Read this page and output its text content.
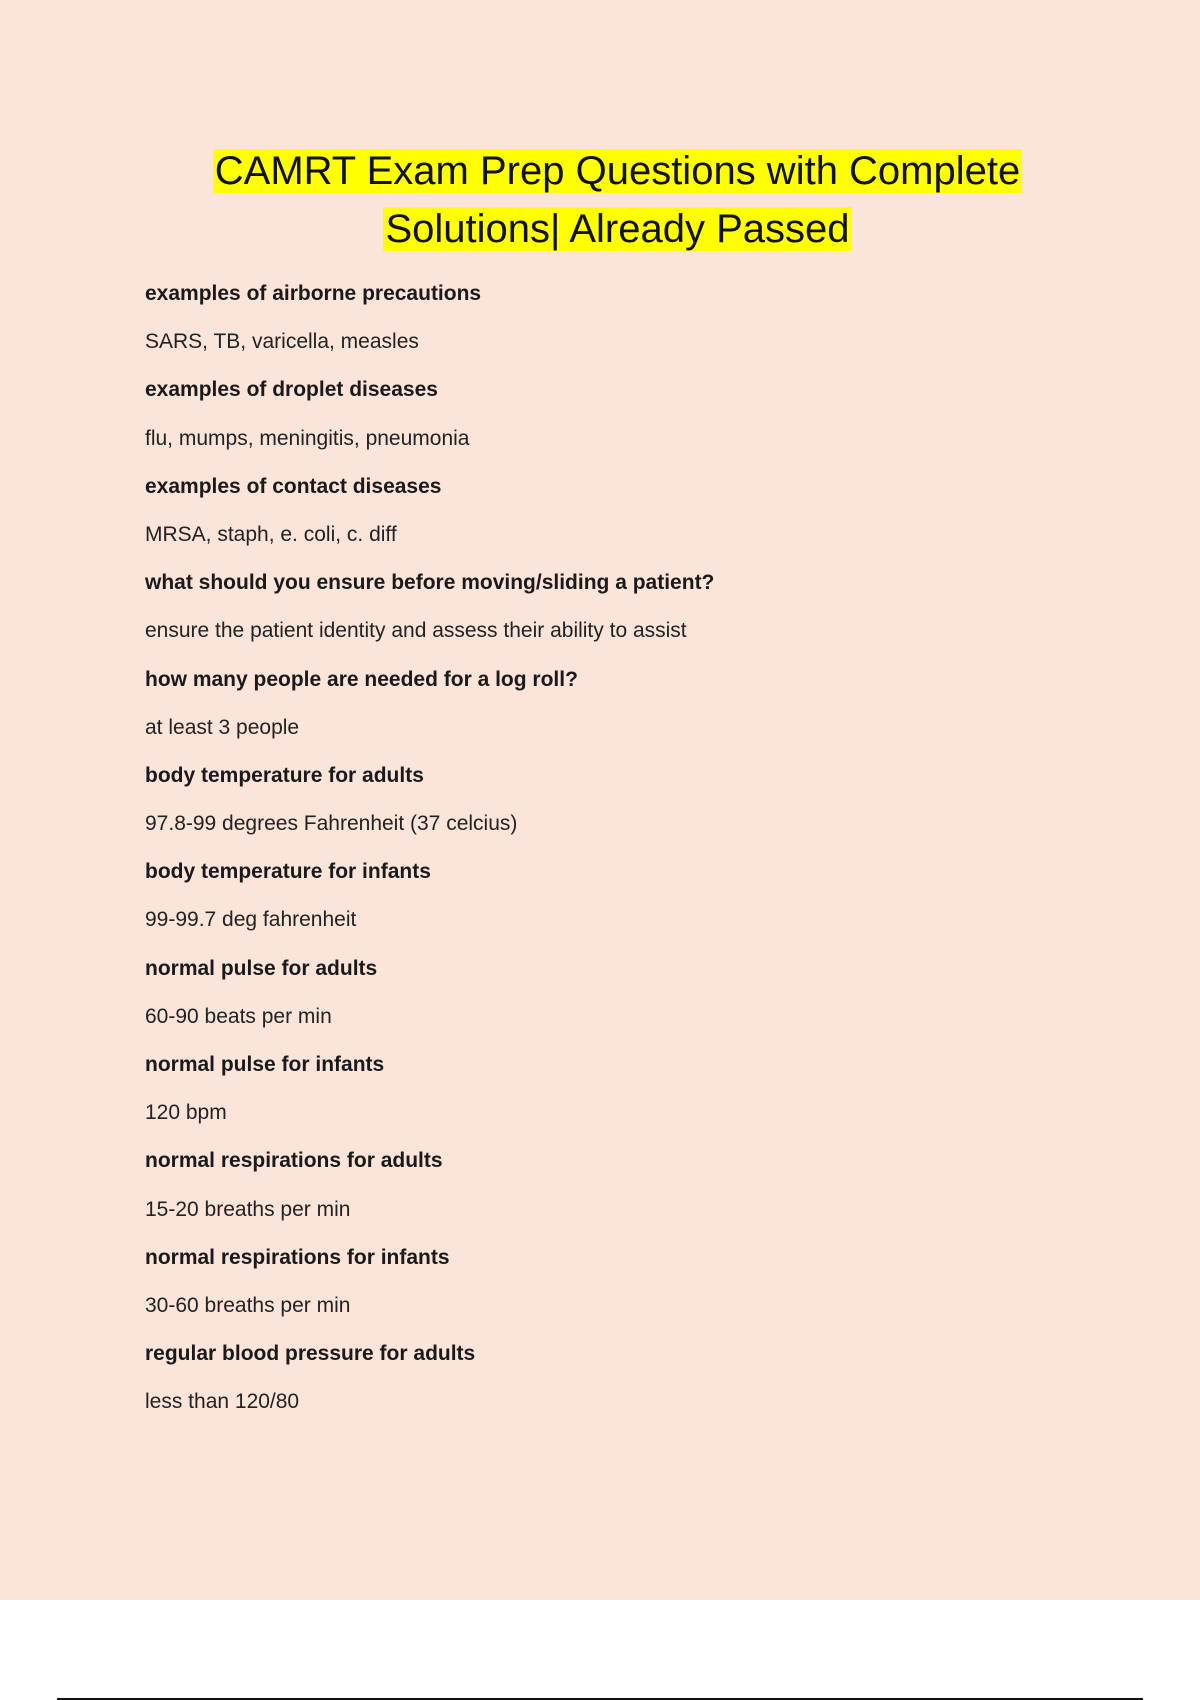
CAMRT Exam Prep Questions with Complete
Solutions| Already Passed

examples of airborne precautions

SARS, TB, varicella, measles

examples of droplet diseases

flu, mumps, meningitis, pneumonia

examples of contact diseases

MRSA, staph, e. coli, c. diff

what should you ensure before moving/sliding a patient?

ensure the patient identity and assess their ability to assist

how many people are needed for a log roll?

at least 3 people

body temperature for adults

97.8-99 degrees Fahrenheit (37 celcius)

body temperature for infants

99-99.7 deg fahrenheit

normal pulse for adults

60-90 beats per min

normal pulse for infants

120 bpm

normal respirations for adults

15-20 breaths per min

normal respirations for infants

30-60 breaths per min

regular blood pressure for adults

less than 120/80
